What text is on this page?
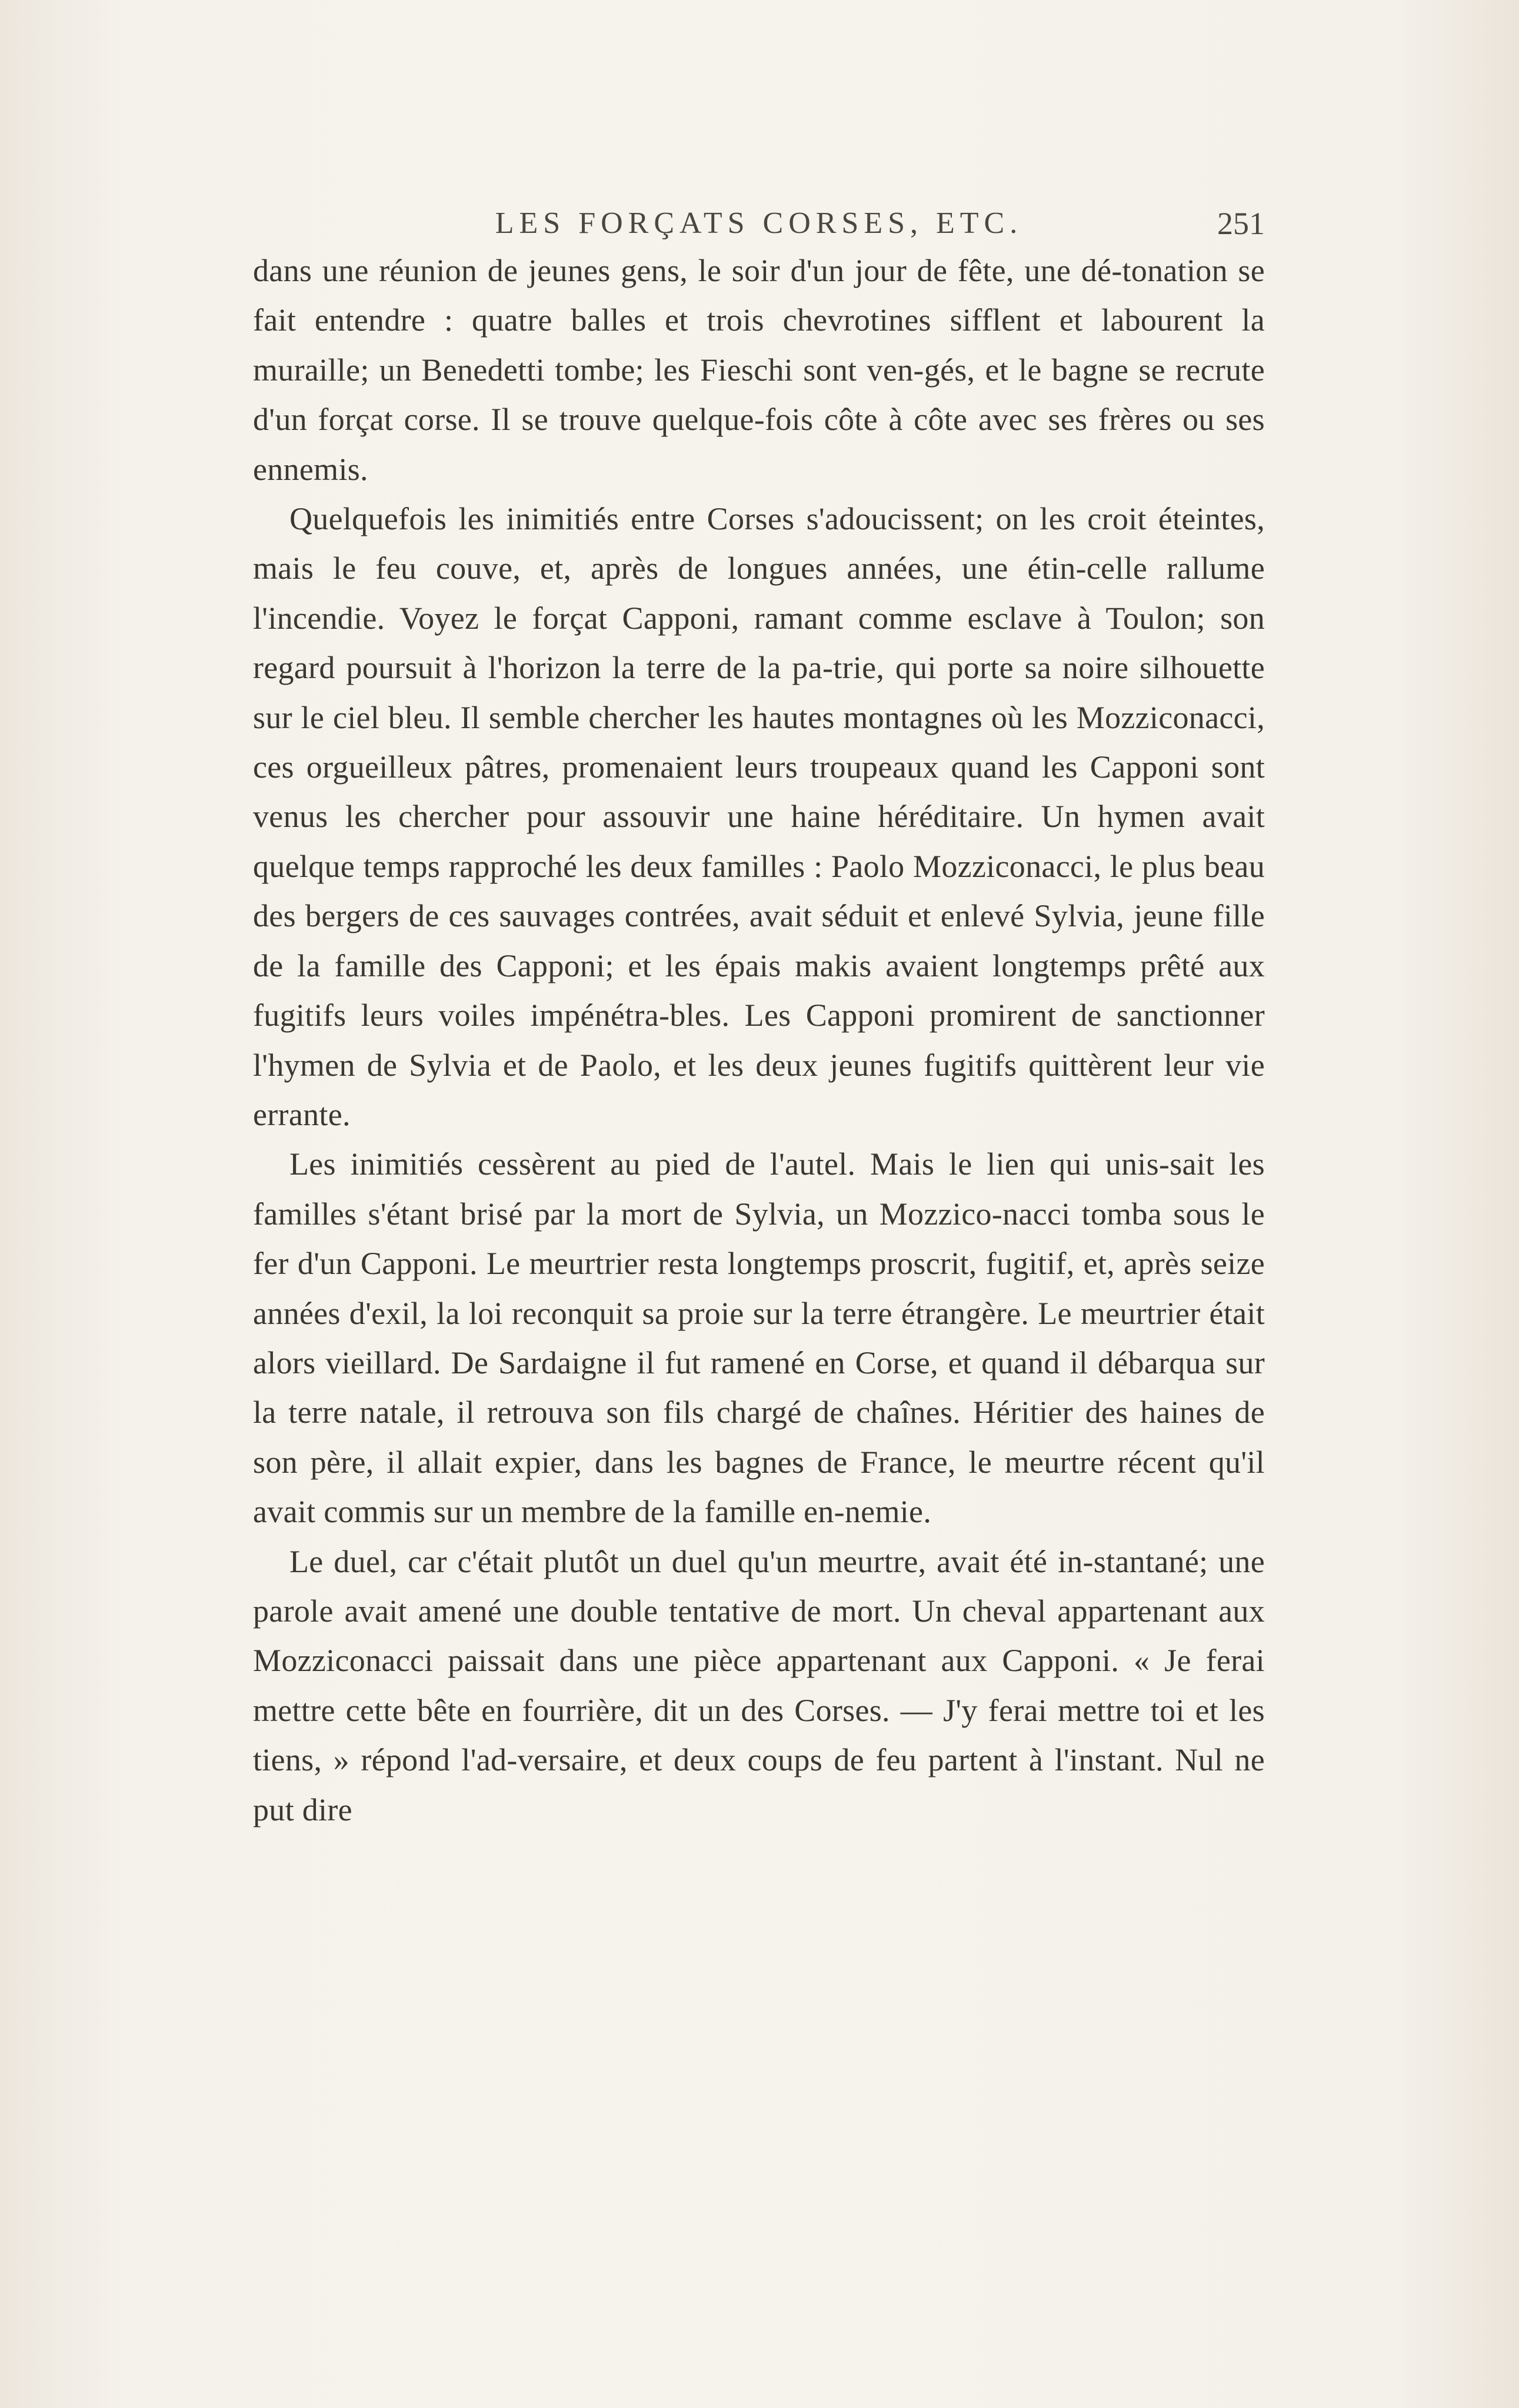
LES FORÇATS CORSES, ETC.	251

dans une réunion de jeunes gens, le soir d'un jour de fête, une dé-tonation se fait entendre : quatre balles et trois chevrotines sifflent et labourent la muraille; un Benedetti tombe; les Fieschi sont ven-gés, et le bagne se recrute d'un forçat corse. Il se trouve quelque-fois côte à côte avec ses frères ou ses ennemis.

Quelquefois les inimitiés entre Corses s'adoucissent; on les croit éteintes, mais le feu couve, et, après de longues années, une étin-celle rallume l'incendie. Voyez le forçat Capponi, ramant comme esclave à Toulon; son regard poursuit à l'horizon la terre de la pa-trie, qui porte sa noire silhouette sur le ciel bleu. Il semble chercher les hautes montagnes où les Mozziconacci, ces orgueilleux pâtres, promenaient leurs troupeaux quand les Capponi sont venus les chercher pour assouvir une haine héréditaire. Un hymen avait quelque temps rapproché les deux familles : Paolo Mozziconacci, le plus beau des bergers de ces sauvages contrées, avait séduit et enlevé Sylvia, jeune fille de la famille des Capponi; et les épais makis avaient longtemps prêté aux fugitifs leurs voiles impénétra-bles. Les Capponi promirent de sanctionner l'hymen de Sylvia et de Paolo, et les deux jeunes fugitifs quittèrent leur vie errante.

Les inimitiés cessèrent au pied de l'autel. Mais le lien qui unis-sait les familles s'étant brisé par la mort de Sylvia, un Mozzico-nacci tomba sous le fer d'un Capponi. Le meurtrier resta longtemps proscrit, fugitif, et, après seize années d'exil, la loi reconquit sa proie sur la terre étrangère. Le meurtrier était alors vieillard. De Sardaigne il fut ramené en Corse, et quand il débarqua sur la terre natale, il retrouva son fils chargé de chaînes. Héritier des haines de son père, il allait expier, dans les bagnes de France, le meurtre récent qu'il avait commis sur un membre de la famille en-nemie.

Le duel, car c'était plutôt un duel qu'un meurtre, avait été in-stantané; une parole avait amené une double tentative de mort. Un cheval appartenant aux Mozziconacci paissait dans une pièce appartenant aux Capponi. « Je ferai mettre cette bête en fourrière, dit un des Corses. — J'y ferai mettre toi et les tiens, » répond l'ad-versaire, et deux coups de feu partent à l'instant. Nul ne put dire
